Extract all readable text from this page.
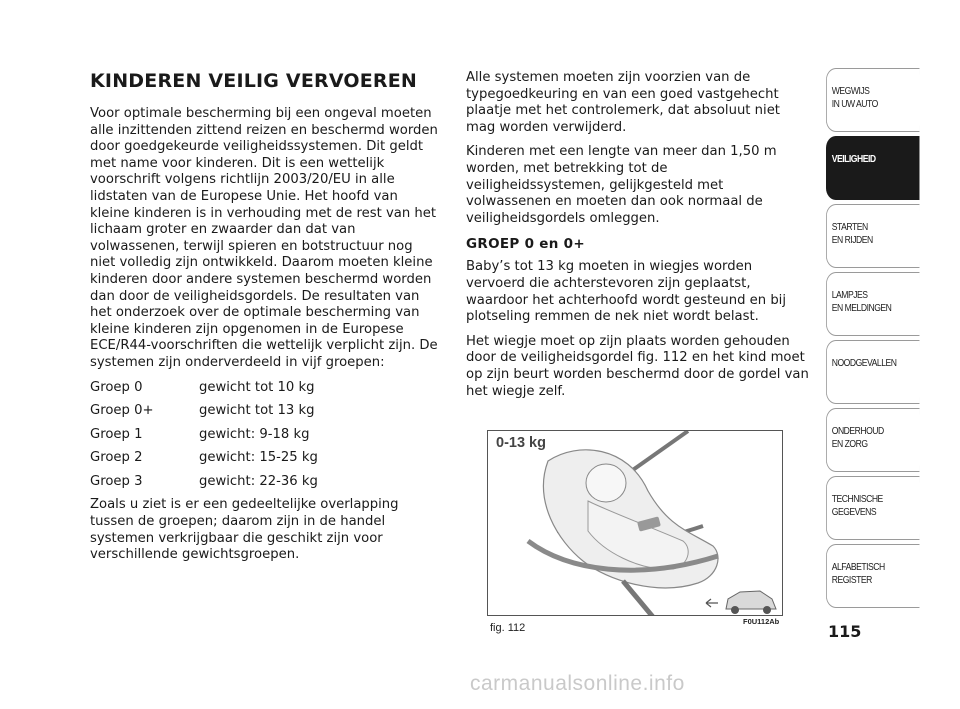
KINDEREN VEILIG VERVOEREN

Voor optimale bescherming bij een ongeval moeten alle inzittenden zittend reizen en beschermd worden door goedgekeurde veiligheidssystemen. Dit geldt met name voor kinderen. Dit is een wettelijk voorschrift volgens richtlijn 2003/20/EU in alle lidstaten van de Europese Unie. Het hoofd van kleine kinderen is in verhouding met de rest van het lichaam groter en zwaarder dan dat van volwassenen, terwijl spieren en botstructuur nog niet volledig zijn ontwikkeld. Daarom moeten kleine kinderen door andere systemen beschermd worden dan door de veiligheidsgordels. De resultaten van het onderzoek over de optimale bescherming van kleine kinderen zijn opgenomen in de Europese ECE/R44-voorschriften die wettelijk verplicht zijn. De systemen zijn onderverdeeld in vijf groepen:

Groep 0	gewicht tot 10 kg
Groep 0+	gewicht tot 13 kg
Groep 1	gewicht: 9-18 kg
Groep 2	gewicht: 15-25 kg
Groep 3	gewicht: 22-36 kg

Zoals u ziet is er een gedeeltelijke overlapping tussen de groepen; daarom zijn in de handel systemen verkrijgbaar die geschikt zijn voor verschillende gewichtsgroepen.

Alle systemen moeten zijn voorzien van de typegoedkeuring en van een goed vastgehecht plaatje met het controlemerk, dat absoluut niet mag worden verwijderd.

Kinderen met een lengte van meer dan 1,50 m worden, met betrekking tot de veiligheidssystemen, gelijkgesteld met volwassenen en moeten dan ook normaal de veiligheidsgordels omleggen.

GROEP 0 en 0+

Baby’s tot 13 kg moeten in wiegjes worden vervoerd die achterstevoren zijn geplaatst, waardoor het achterhoofd wordt gesteund en bij plotseling remmen de nek niet wordt belast.

Het wiegje moet op zijn plaats worden gehouden door de veiligheidsgordel fig. 112 en het kind moet op zijn beurt worden beschermd door de gordel van het wiegje zelf.

0-13 kg
fig. 112
F0U112Ab
WEGWIJS
IN UW AUTO
VEILIGHEID
STARTEN
EN RIJDEN
LAMPJES
EN MELDINGEN
NOODGEVALLEN
ONDERHOUD
EN ZORG
TECHNISCHE
GEGEVENS
ALFABETISCH
REGISTER
115
carmanualsonline.info
